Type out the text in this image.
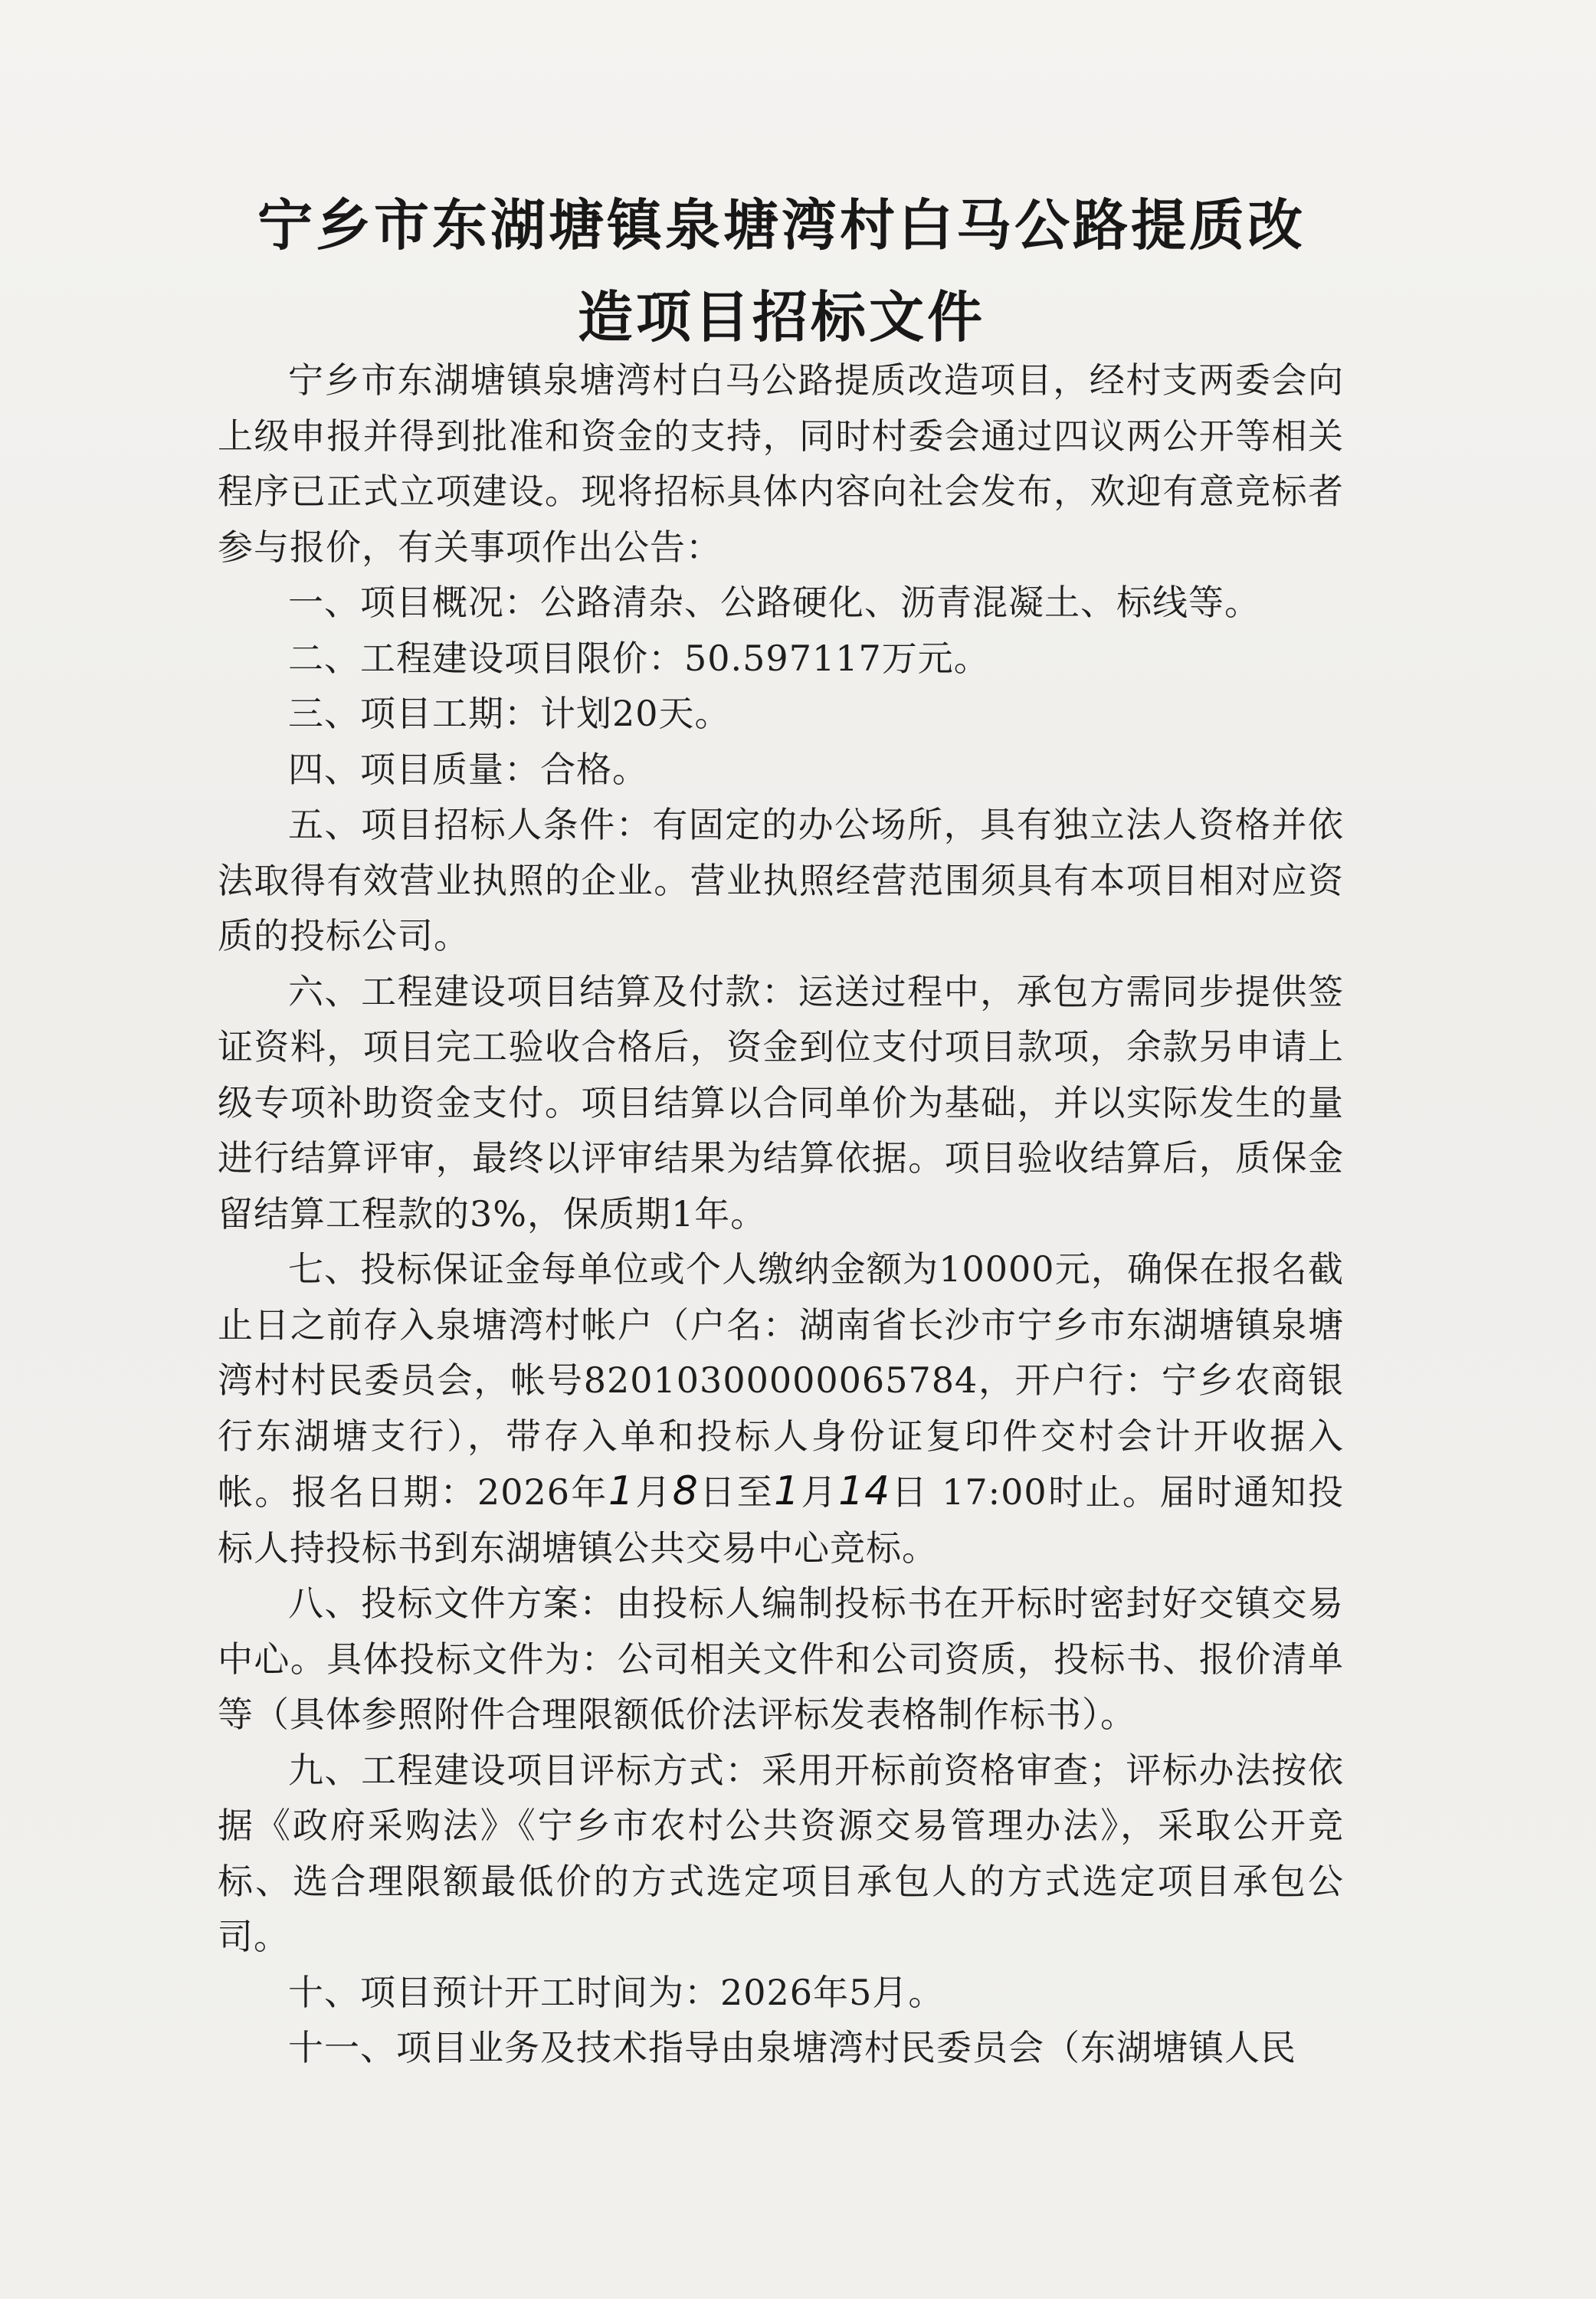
宁乡市东湖塘镇泉塘湾村白马公路提质改
造项目招标文件

宁乡市东湖塘镇泉塘湾村白马公路提质改造项目，经村支两委会向上级申报并得到批准和资金的支持，同时村委会通过四议两公开等相关程序已正式立项建设。现将招标具体内容向社会发布，欢迎有意竞标者参与报价，有关事项作出公告：

一、项目概况：公路清杂、公路硬化、沥青混凝土、标线等。

二、工程建设项目限价：50.597117万元。

三、项目工期：计划20天。

四、项目质量：合格。

五、项目招标人条件：有固定的办公场所，具有独立法人资格并依法取得有效营业执照的企业。营业执照经营范围须具有本项目相对应资质的投标公司。

六、工程建设项目结算及付款：运送过程中，承包方需同步提供签证资料，项目完工验收合格后，资金到位支付项目款项，余款另申请上级专项补助资金支付。项目结算以合同单价为基础，并以实际发生的量进行结算评审，最终以评审结果为结算依据。项目验收结算后，质保金留结算工程款的3%，保质期1年。

七、投标保证金每单位或个人缴纳金额为10000元，确保在报名截止日之前存入泉塘湾村帐户（户名：湖南省长沙市宁乡市东湖塘镇泉塘湾村村民委员会，帐号82010300000065784，开户行：宁乡农商银行东湖塘支行），带存入单和投标人身份证复印件交村会计开收据入帐。报名日期：2026年1月8日至1月14日 17:00时止。届时通知投标人持投标书到东湖塘镇公共交易中心竞标。

八、投标文件方案：由投标人编制投标书在开标时密封好交镇交易中心。具体投标文件为：公司相关文件和公司资质，投标书、报价清单等（具体参照附件合理限额低价法评标发表格制作标书）。

九、工程建设项目评标方式：采用开标前资格审查；评标办法按依据《政府采购法》《宁乡市农村公共资源交易管理办法》，采取公开竞标、选合理限额最低价的方式选定项目承包人的方式选定项目承包公司。

十、项目预计开工时间为：2026年5月。

十一、项目业务及技术指导由泉塘湾村民委员会（东湖塘镇人民
